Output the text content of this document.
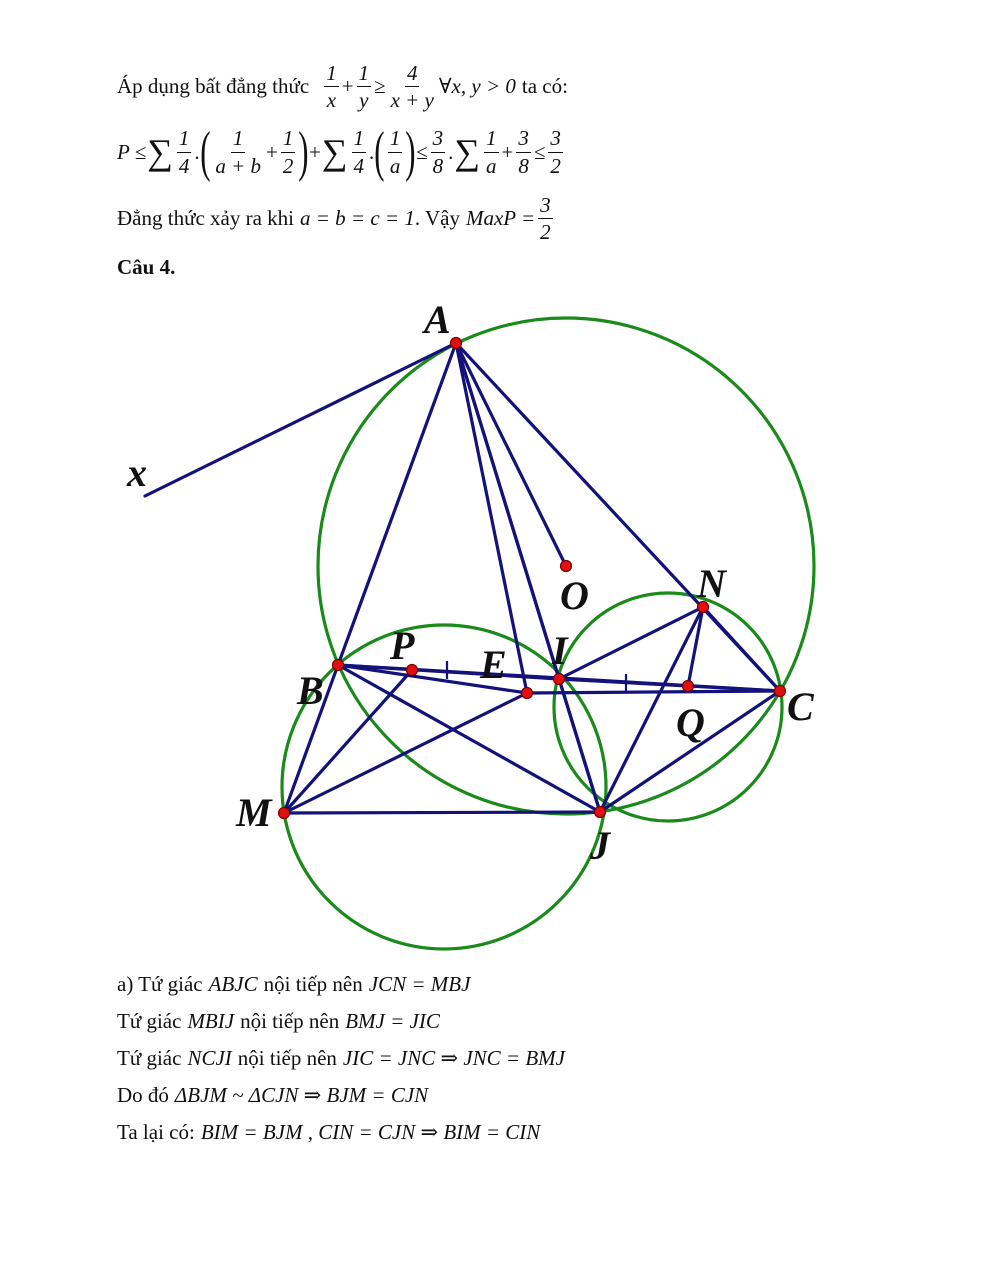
Áp dụng bất đẳng thức $\frac{1}{x} + \frac{1}{y} \ge \frac{4}{x + y}$ ∀x, y > 0 ta có:
P ≤ ∑ $\frac{1}{4}$ . ( $\frac{1}{a + b} + \frac{1}{2}$ ) + ∑ $\frac{1}{4}$ . ( $\frac{1}{a}$ ) ≤ $\frac{3}{8}$ . ∑ $\frac{1}{a} + \frac{3}{8} \le \frac{3}{2}$
Đẳng thức xảy ra khi a = b = c = 1 . Vậy MaxP = $\frac{3}{2}$
Câu 4.
A
x
O	N
P E I
B	C
Q
M
J
a) Tứ giác ABJC nội tiếp nên JCN = MBJ
Tứ giác MBIJ nội tiếp nên BMJ = JIC
Tứ giác NCJI nội tiếp nên JIC = JNC ⇒ JNC = BMJ
Do đó ΔBJM ~ ΔCJN ⇒ BJM = CJN
Ta lại có: BIM = BJM , CIN = CJN ⇒ BIM = CIN
